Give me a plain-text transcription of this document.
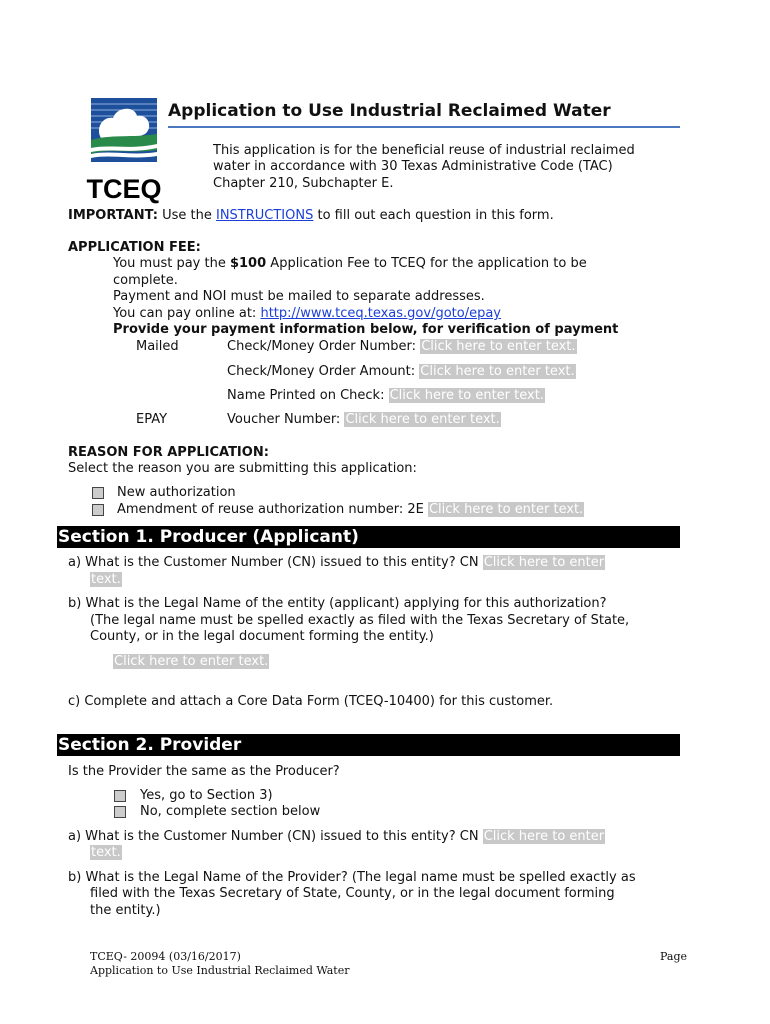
TCEQ
Application to Use Industrial Reclaimed Water
This application is for the beneficial reuse of industrial reclaimed
water in accordance with 30 Texas Administrative Code (TAC)
Chapter 210, Subchapter E.
IMPORTANT: Use the INSTRUCTIONS to fill out each question in this form.
APPLICATION FEE:
You must pay the $100 Application Fee to TCEQ for the application to be
complete.
Payment and NOI must be mailed to separate addresses.
You can pay online at: http://www.tceq.texas.gov/goto/epay
Provide your payment information below, for verification of payment
Mailed	Check/Money Order Number: Click here to enter text.
Check/Money Order Amount: Click here to enter text.
Name Printed on Check: Click here to enter text.
EPAY	Voucher Number: Click here to enter text.
REASON FOR APPLICATION:
Select the reason you are submitting this application:
New authorization
Amendment of reuse authorization number: 2E Click here to enter text.
Section 1. Producer (Applicant)
a) What is the Customer Number (CN) issued to this entity? CN Click here to enter
text.
b) What is the Legal Name of the entity (applicant) applying for this authorization?
(The legal name must be spelled exactly as filed with the Texas Secretary of State,
County, or in the legal document forming the entity.)
Click here to enter text.
c) Complete and attach a Core Data Form (TCEQ-10400) for this customer.
Section 2. Provider
Is the Provider the same as the Producer?
Yes, go to Section 3)
No, complete section below
a) What is the Customer Number (CN) issued to this entity? CN Click here to enter
text.
b) What is the Legal Name of the Provider? (The legal name must be spelled exactly as
filed with the Texas Secretary of State, County, or in the legal document forming
the entity.)
TCEQ- 20094 (03/16/2017)
Application to Use Industrial Reclaimed Water
Page
